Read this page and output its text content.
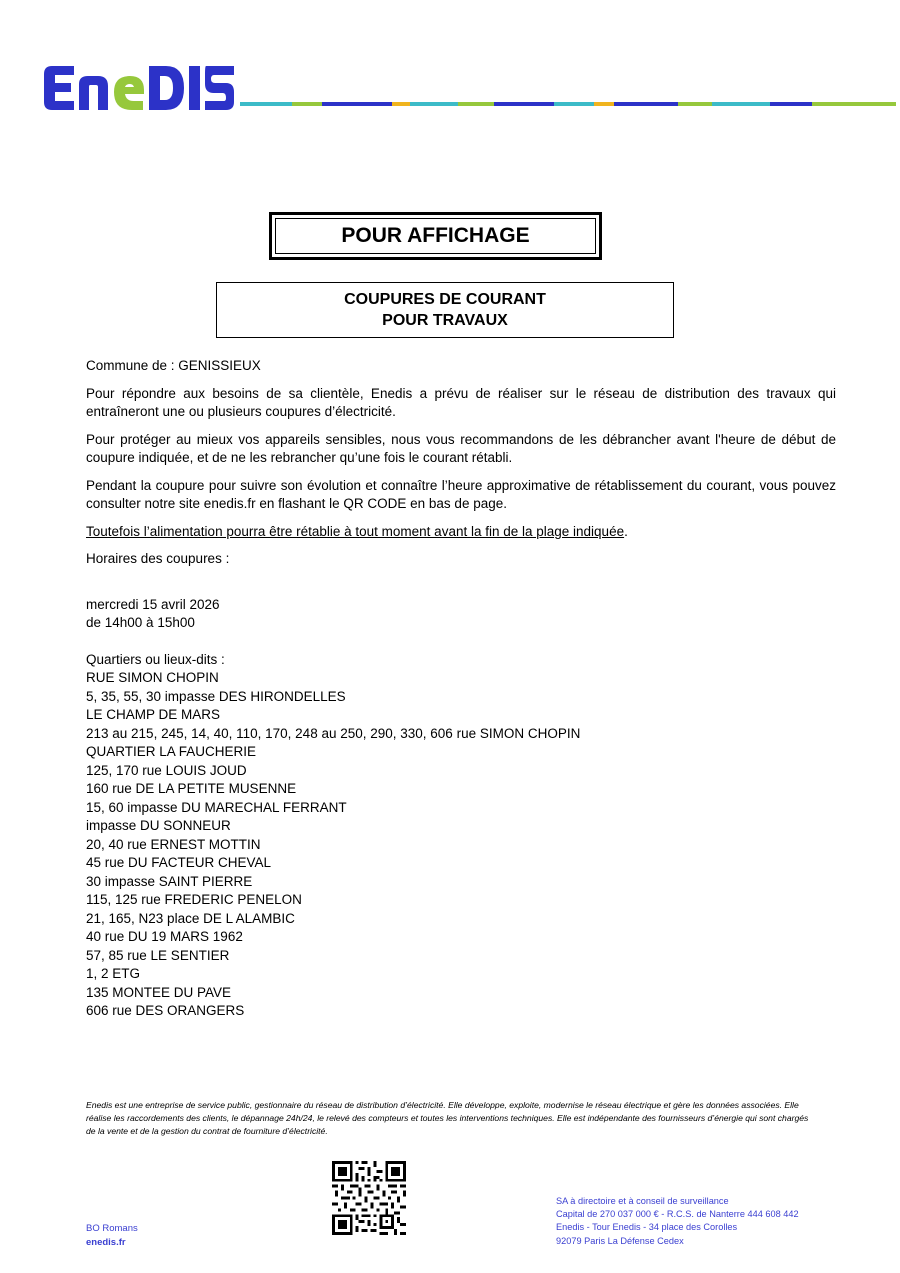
POUR AFFICHAGE
COUPURES DE COURANT
POUR TRAVAUX

Commune de : GENISSIEUX

Pour répondre aux besoins de sa clientèle, Enedis a prévu de réaliser sur le réseau de distribution des travaux qui entraîneront une ou plusieurs coupures d’électricité.

Pour protéger au mieux vos appareils sensibles, nous vous recommandons de les débrancher avant l'heure de début de coupure indiquée, et de ne les rebrancher qu’une fois le courant rétabli.

Pendant la coupure pour suivre son évolution et connaître l’heure approximative de rétablissement du courant, vous pouvez consulter notre site enedis.fr en flashant le QR CODE en bas de page.

Toutefois l’alimentation pourra être rétablie à tout moment avant la fin de la plage indiquée.

Horaires des coupures :

mercredi 15 avril 2026
de 14h00 à 15h00
Quartiers ou lieux-dits :
RUE SIMON CHOPIN
5, 35, 55, 30 impasse DES HIRONDELLES
LE CHAMP DE MARS
213 au 215, 245, 14, 40, 110, 170, 248 au 250, 290, 330, 606 rue SIMON CHOPIN
QUARTIER LA FAUCHERIE
125, 170 rue LOUIS JOUD
160 rue DE LA PETITE MUSENNE
15, 60 impasse DU MARECHAL FERRANT
impasse DU SONNEUR
20, 40 rue ERNEST MOTTIN
45 rue DU FACTEUR CHEVAL
30 impasse SAINT PIERRE
115, 125 rue FREDERIC PENELON
21, 165, N23 place DE L ALAMBIC
40 rue DU 19 MARS 1962
57, 85 rue LE SENTIER
1, 2 ETG
135 MONTEE DU PAVE
606 rue DES ORANGERS
Enedis est une entreprise de service public, gestionnaire du réseau de distribution d’électricité. Elle développe, exploite, modernise le réseau électrique et gère les données associées. Elle réalise les raccordements des clients, le dépannage 24h/24, le relevé des compteurs et toutes les interventions techniques. Elle est indépendante des fournisseurs d’énergie qui sont chargés de la vente et de la gestion du contrat de fourniture d’électricité.
BO Romans
enedis.fr
SA à directoire et à conseil de surveillance
Capital de 270 037 000 € - R.C.S. de Nanterre 444 608 442
Enedis - Tour Enedis - 34 place des Corolles
92079 Paris La Défense Cedex
